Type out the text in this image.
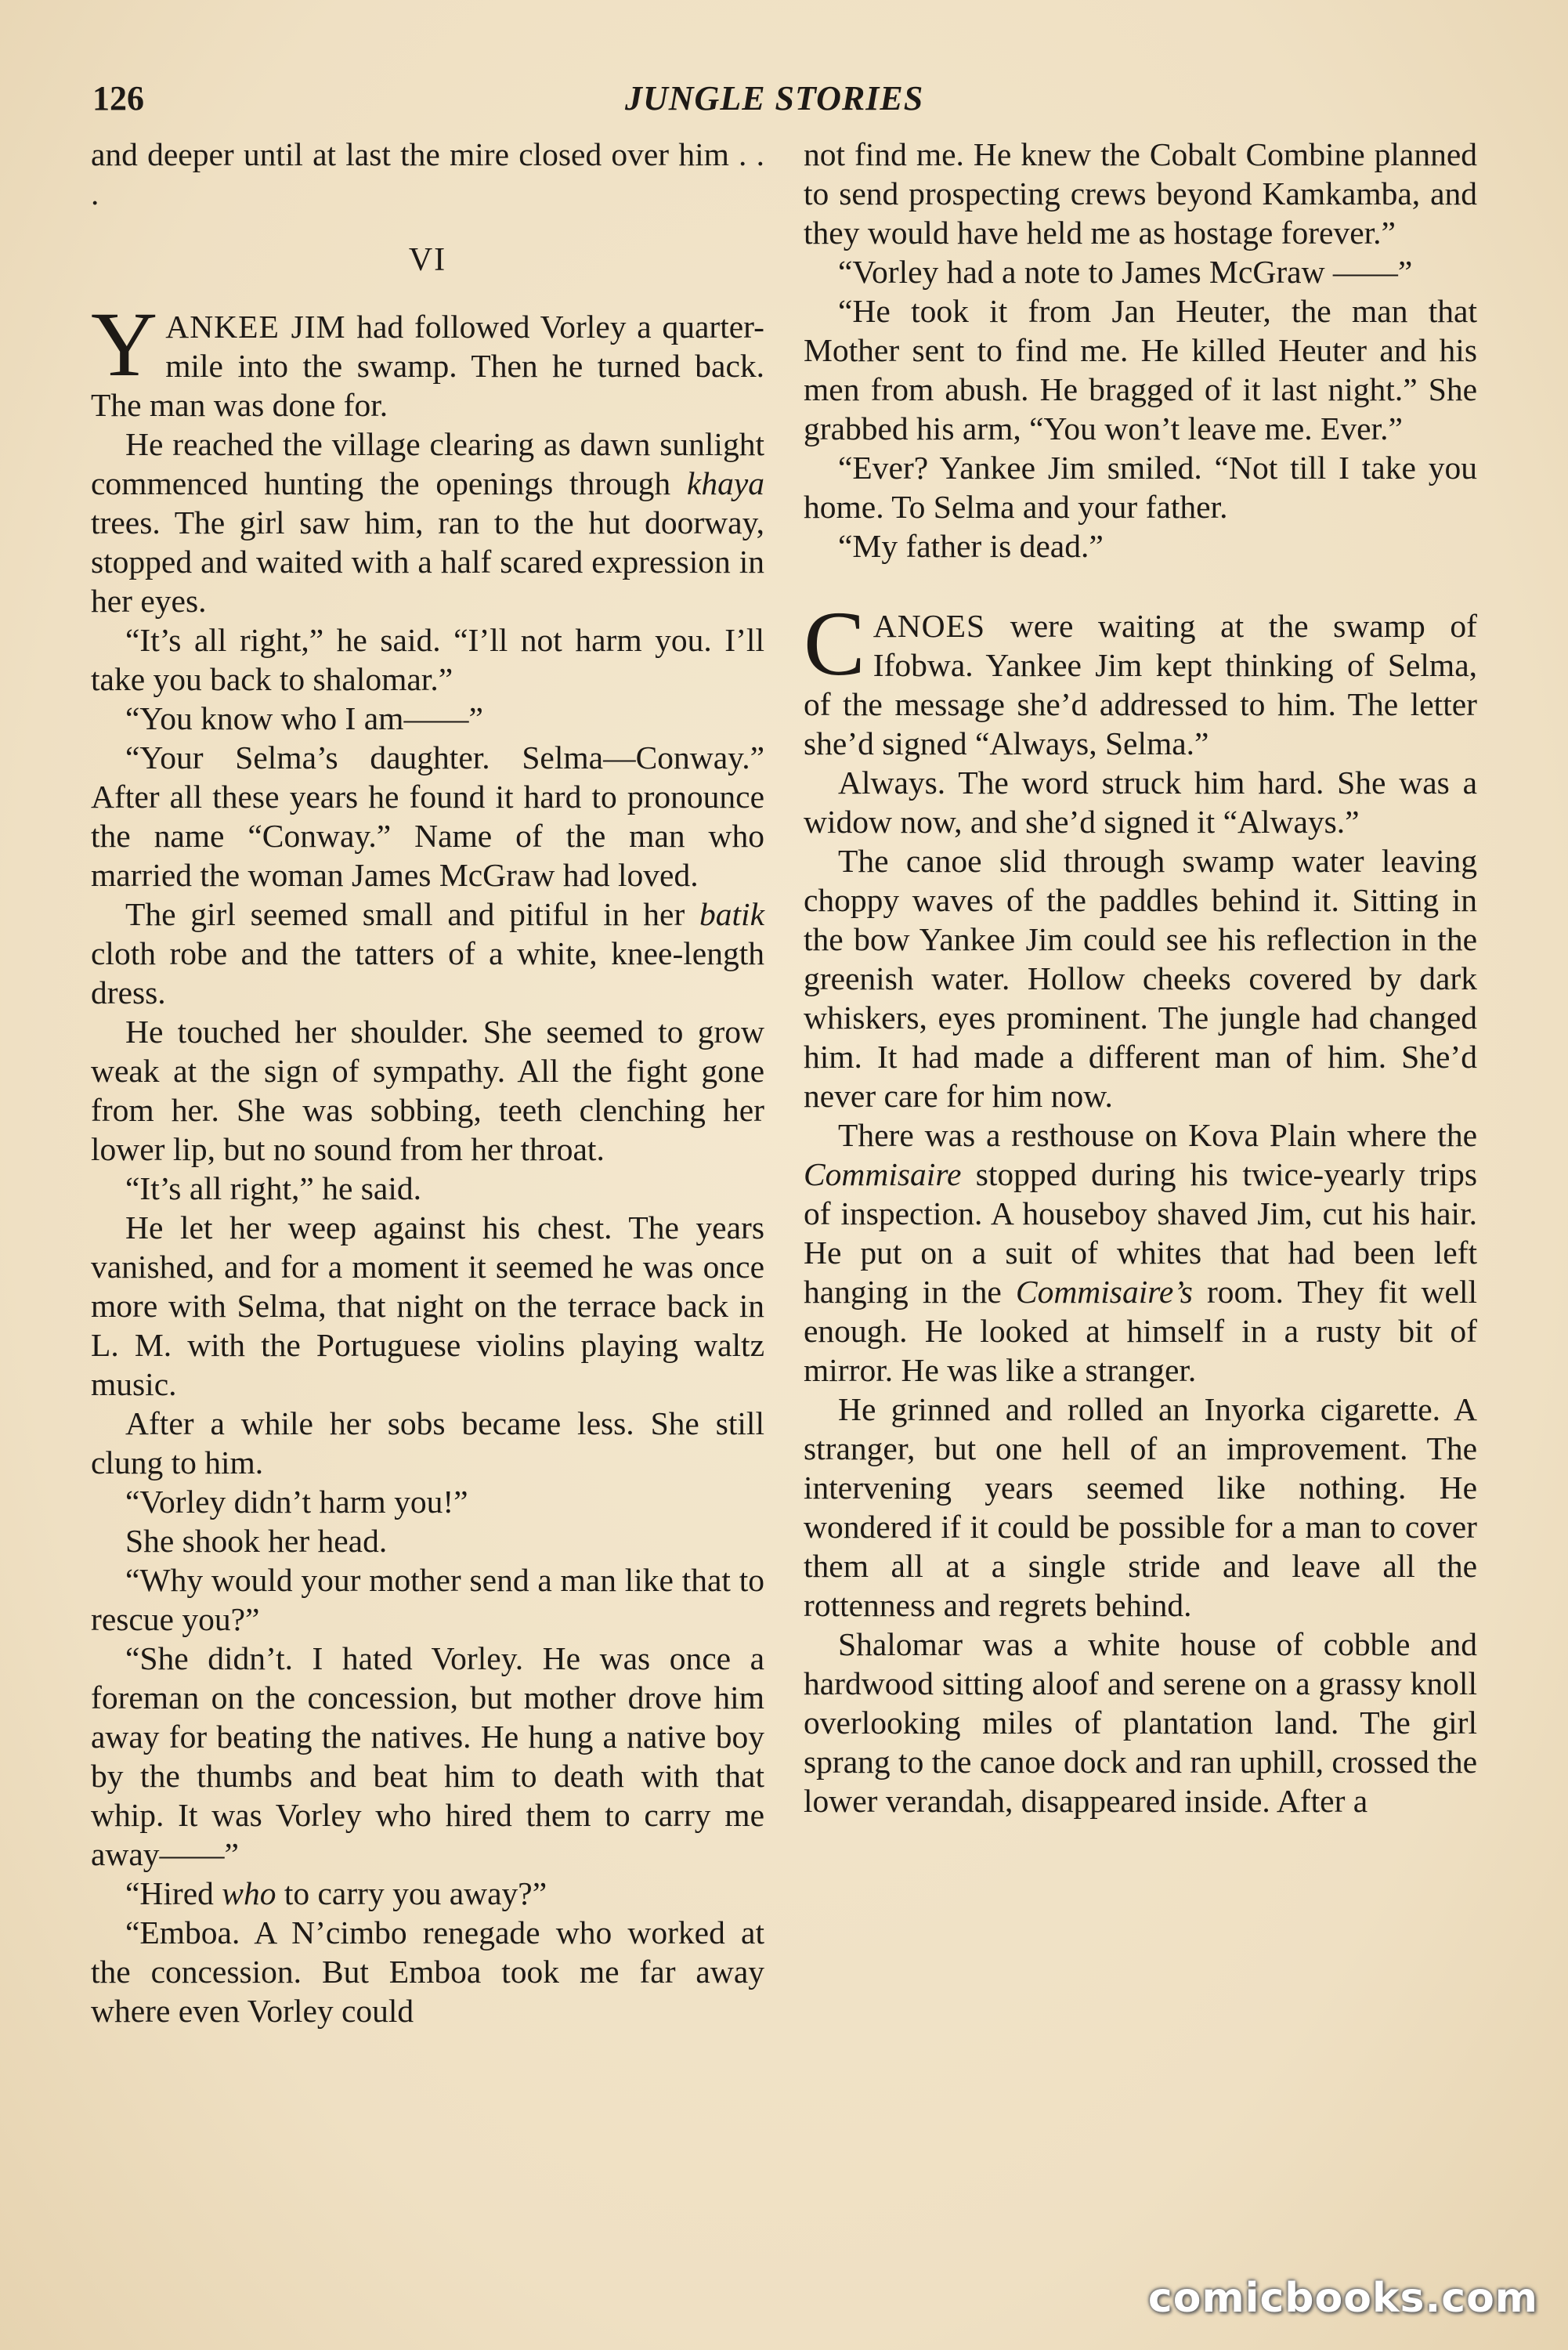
126	JUNGLE STORIES

and deeper until at last the mire closed over him . . .

VI
YANKEE JIM had followed Vorley a quarter-mile into the swamp. Then he turned back. The man was done for.

He reached the village clearing as dawn sunlight commenced hunting the openings through khaya trees. The girl saw him, ran to the hut doorway, stopped and waited with a half scared expression in her eyes.

“It’s all right,” he said. “I’ll not harm you. I’ll take you back to shalomar.”

“You know who I am——”

“Your Selma’s daughter. Selma—Conway.” After all these years he found it hard to pronounce the name “Conway.” Name of the man who married the woman James McGraw had loved.

The girl seemed small and pitiful in her batik cloth robe and the tatters of a white, knee-length dress.

He touched her shoulder. She seemed to grow weak at the sign of sympathy. All the fight gone from her. She was sobbing, teeth clenching her lower lip, but no sound from her throat.

“It’s all right,” he said.

He let her weep against his chest. The years vanished, and for a moment it seemed he was once more with Selma, that night on the terrace back in L. M. with the Portuguese violins playing waltz music.

After a while her sobs became less. She still clung to him.

“Vorley didn’t harm you!”

She shook her head.

“Why would your mother send a man like that to rescue you?”

“She didn’t. I hated Vorley. He was once a foreman on the concession, but mother drove him away for beating the natives. He hung a native boy by the thumbs and beat him to death with that whip. It was Vorley who hired them to carry me away——”

“Hired who to carry you away?”

“Emboa. A N’cimbo renegade who worked at the concession. But Emboa took me far away where even Vorley could

not find me. He knew the Cobalt Combine planned to send prospecting crews beyond Kamkamba, and they would have held me as hostage forever.”

“Vorley had a note to James McGraw ——”

“He took it from Jan Heuter, the man that Mother sent to find me. He killed Heuter and his men from abush. He bragged of it last night.” She grabbed his arm, “You won’t leave me. Ever.”

“Ever? Yankee Jim smiled. “Not till I take you home. To Selma and your father.

“My father is dead.”

CANOES were waiting at the swamp of Ifobwa. Yankee Jim kept thinking of Selma, of the message she’d addressed to him. The letter she’d signed “Always, Selma.”

Always. The word struck him hard. She was a widow now, and she’d signed it “Always.”

The canoe slid through swamp water leaving choppy waves of the paddles behind it. Sitting in the bow Yankee Jim could see his reflection in the greenish water. Hollow cheeks covered by dark whiskers, eyes prominent. The jungle had changed him. It had made a different man of him. She’d never care for him now.

There was a resthouse on Kova Plain where the Commisaire stopped during his twice-yearly trips of inspection. A houseboy shaved Jim, cut his hair. He put on a suit of whites that had been left hanging in the Commisaire’s room. They fit well enough. He looked at himself in a rusty bit of mirror. He was like a stranger.

He grinned and rolled an Inyorka cigarette. A stranger, but one hell of an improvement. The intervening years seemed like nothing. He wondered if it could be possible for a man to cover them all at a single stride and leave all the rottenness and regrets behind.

Shalomar was a white house of cobble and hardwood sitting aloof and serene on a grassy knoll overlooking miles of plantation land. The girl sprang to the canoe dock and ran uphill, crossed the lower verandah, disappeared inside. After a

comicbooks.com
